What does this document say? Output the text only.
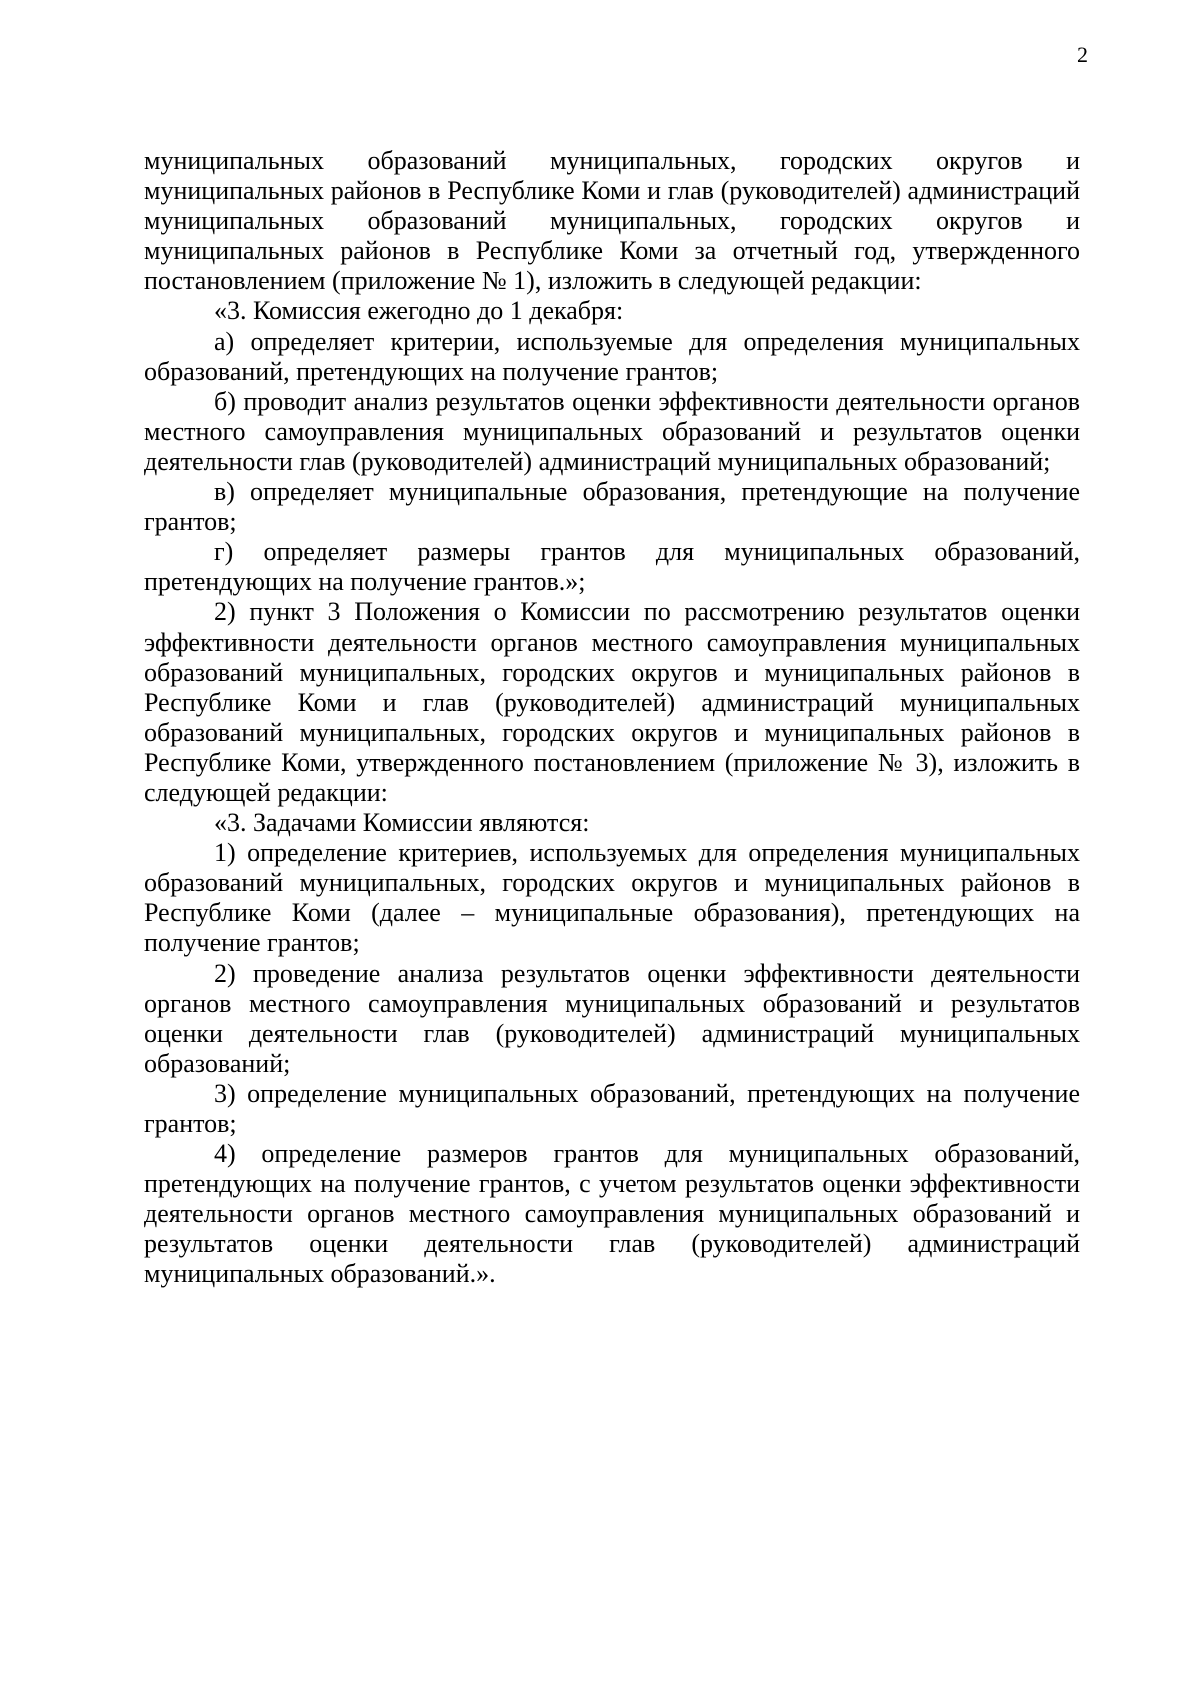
2

муниципальных образований муниципальных, городских округов и муниципальных районов в Республике Коми и глав (руководителей) администраций муниципальных образований муниципальных, городских округов и муниципальных районов в Республике Коми за отчетный год, утвержденного постановлением (приложение № 1), изложить в следующей редакции:

«3. Комиссия ежегодно до 1 декабря:

а) определяет критерии, используемые для определения муниципальных образований, претендующих на получение грантов;

б) проводит анализ результатов оценки эффективности деятельности органов местного самоуправления муниципальных образований и результатов оценки деятельности глав (руководителей) администраций муниципальных образований;

в) определяет муниципальные образования, претендующие на получение грантов;

г) определяет размеры грантов для муниципальных образований, претендующих на получение грантов.»;

2) пункт 3 Положения о Комиссии по рассмотрению результатов оценки эффективности деятельности органов местного самоуправления муниципальных образований муниципальных, городских округов и муниципальных районов в Республике Коми и глав (руководителей) администраций муниципальных образований муниципальных, городских округов и муниципальных районов в Республике Коми, утвержденного постановлением (приложение № 3), изложить в следующей редакции:

«3. Задачами Комиссии являются:

1) определение критериев, используемых для определения муниципальных образований муниципальных, городских округов и муниципальных районов в Республике Коми (далее – муниципальные образования), претендующих на получение грантов;

2) проведение анализа результатов оценки эффективности деятельности органов местного самоуправления муниципальных образований и результатов оценки деятельности глав (руководителей) администраций муниципальных образований;

3) определение муниципальных образований, претендующих на получение грантов;

4) определение размеров грантов для муниципальных образований, претендующих на получение грантов, с учетом результатов оценки эффективности деятельности органов местного самоуправления муниципальных образований и результатов оценки деятельности глав (руководителей) администраций муниципальных образований.».
